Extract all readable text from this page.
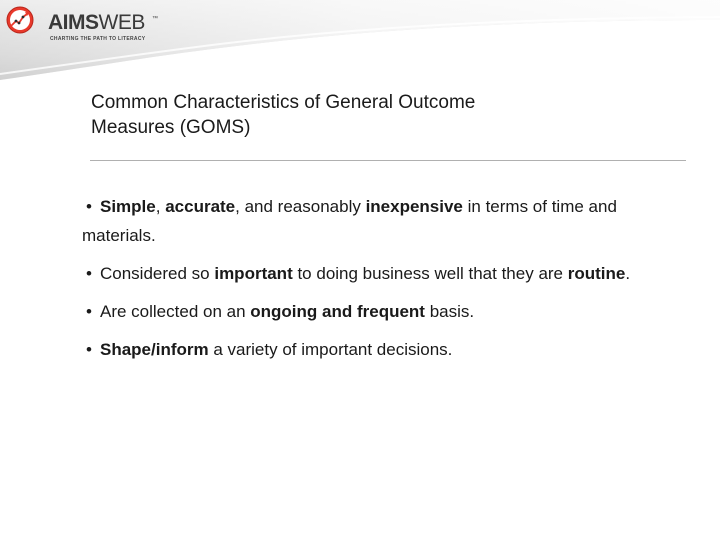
AIMSWEB ™
CHARTING THE PATH TO LITERACY
Common Characteristics of General Outcome
Measures (GOMS)
• Simple, accurate, and reasonably inexpensive in terms of time and materials.
• Considered so important to doing business well that they are routine.
• Are collected on an ongoing and frequent basis.
• Shape/inform a variety of important decisions.
